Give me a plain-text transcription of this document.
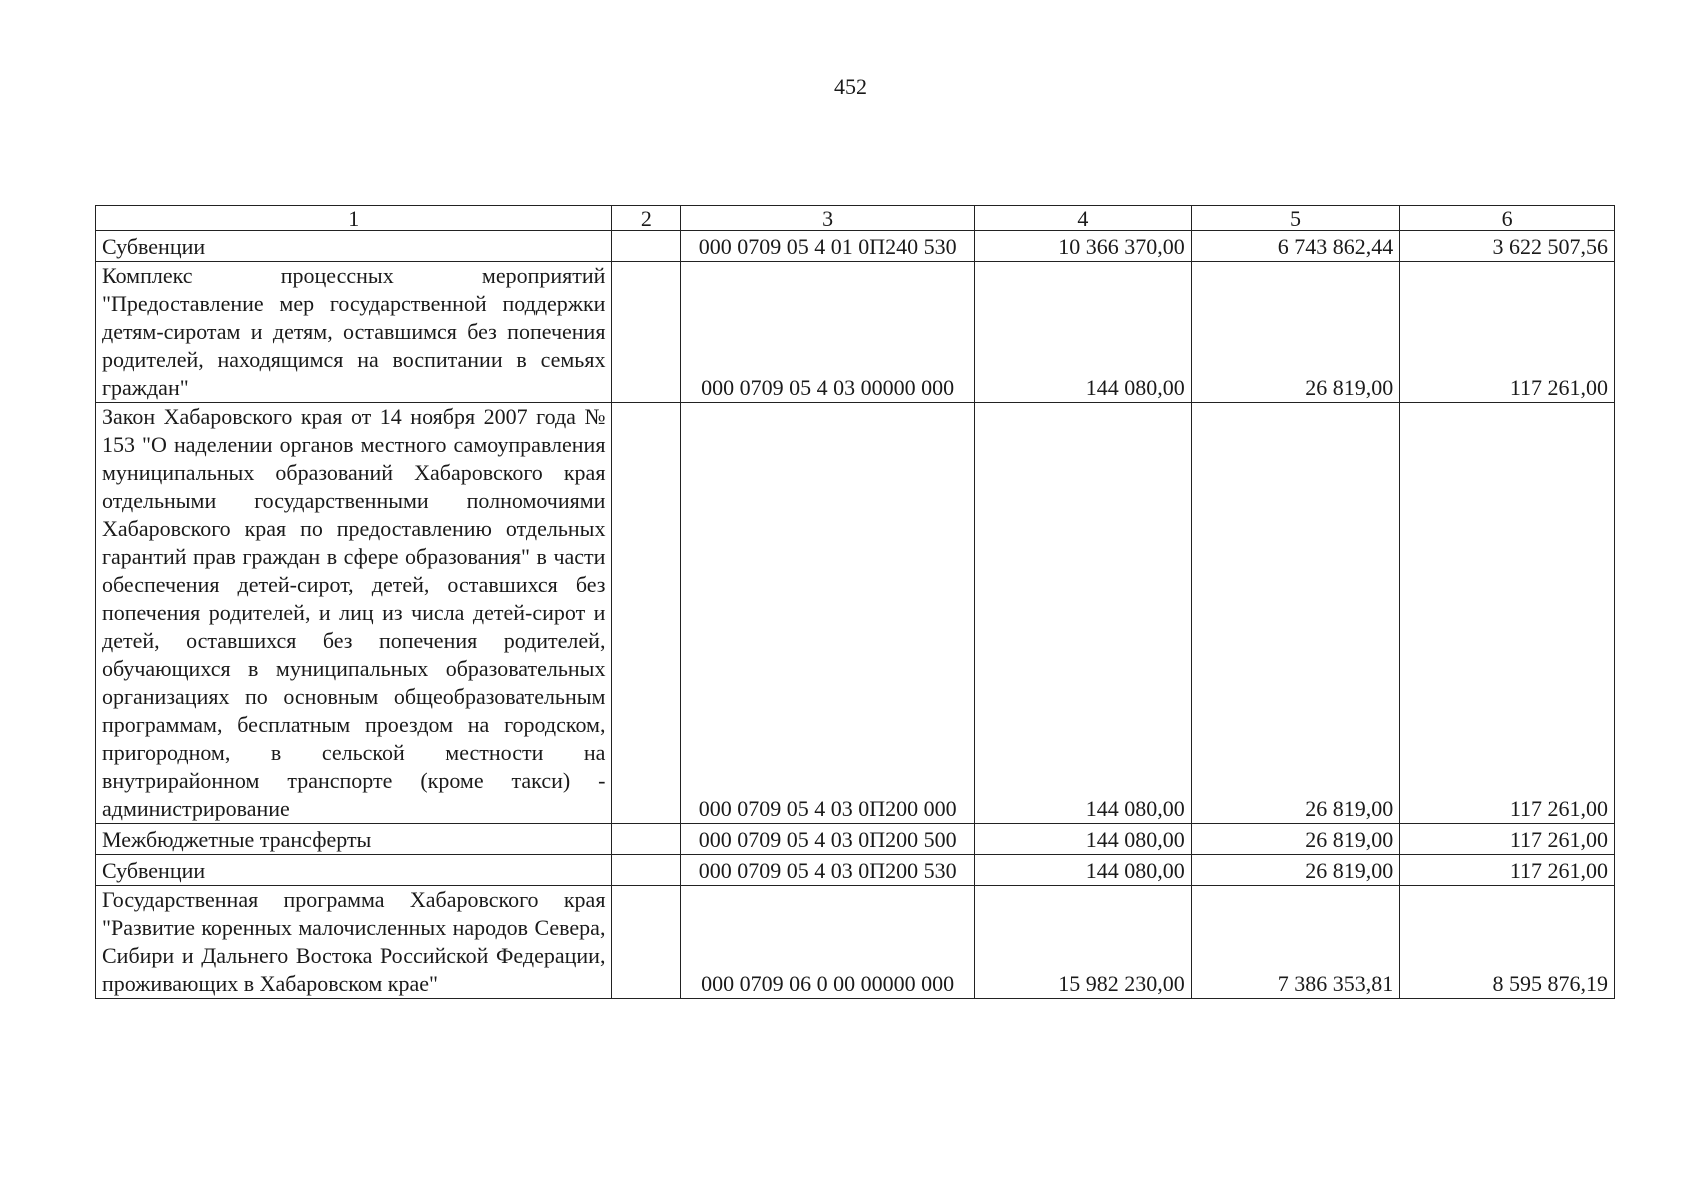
452
1	2	3	4	5	6
Субвенции		000 0709 05 4 01 0П240 530	10 366 370,00	6 743 862,44	3 622 507,56
Комплекс процессных мероприятий "Предоставление мер государственной поддержки детям-сиротам и детям, оставшимся без попечения родителей, находящимся на воспитании в семьях граждан"		000 0709 05 4 03 00000 000	144 080,00	26 819,00	117 261,00
Закон Хабаровского края от 14 ноября 2007 года № 153 "О наделении органов местного самоуправления муниципальных образований Хабаровского края отдельными государственными полномочиями Хабаровского края по предоставлению отдельных гарантий прав граждан в сфере образования" в части обеспечения детей-сирот, детей, оставшихся без попечения родителей, и лиц из числа детей-сирот и детей, оставшихся без попечения родителей, обучающихся в муниципальных образовательных организациях по основным общеобразовательным программам, бесплатным проездом на городском, пригородном, в сельской местности на внутрирайонном транспорте (кроме такси) - администрирование		000 0709 05 4 03 0П200 000	144 080,00	26 819,00	117 261,00
Межбюджетные трансферты		000 0709 05 4 03 0П200 500	144 080,00	26 819,00	117 261,00
Субвенции		000 0709 05 4 03 0П200 530	144 080,00	26 819,00	117 261,00
Государственная программа Хабаровского края "Развитие коренных малочисленных народов Севера, Сибири и Дальнего Востока Российской Федерации, проживающих в Хабаровском крае"		000 0709 06 0 00 00000 000	15 982 230,00	7 386 353,81	8 595 876,19
